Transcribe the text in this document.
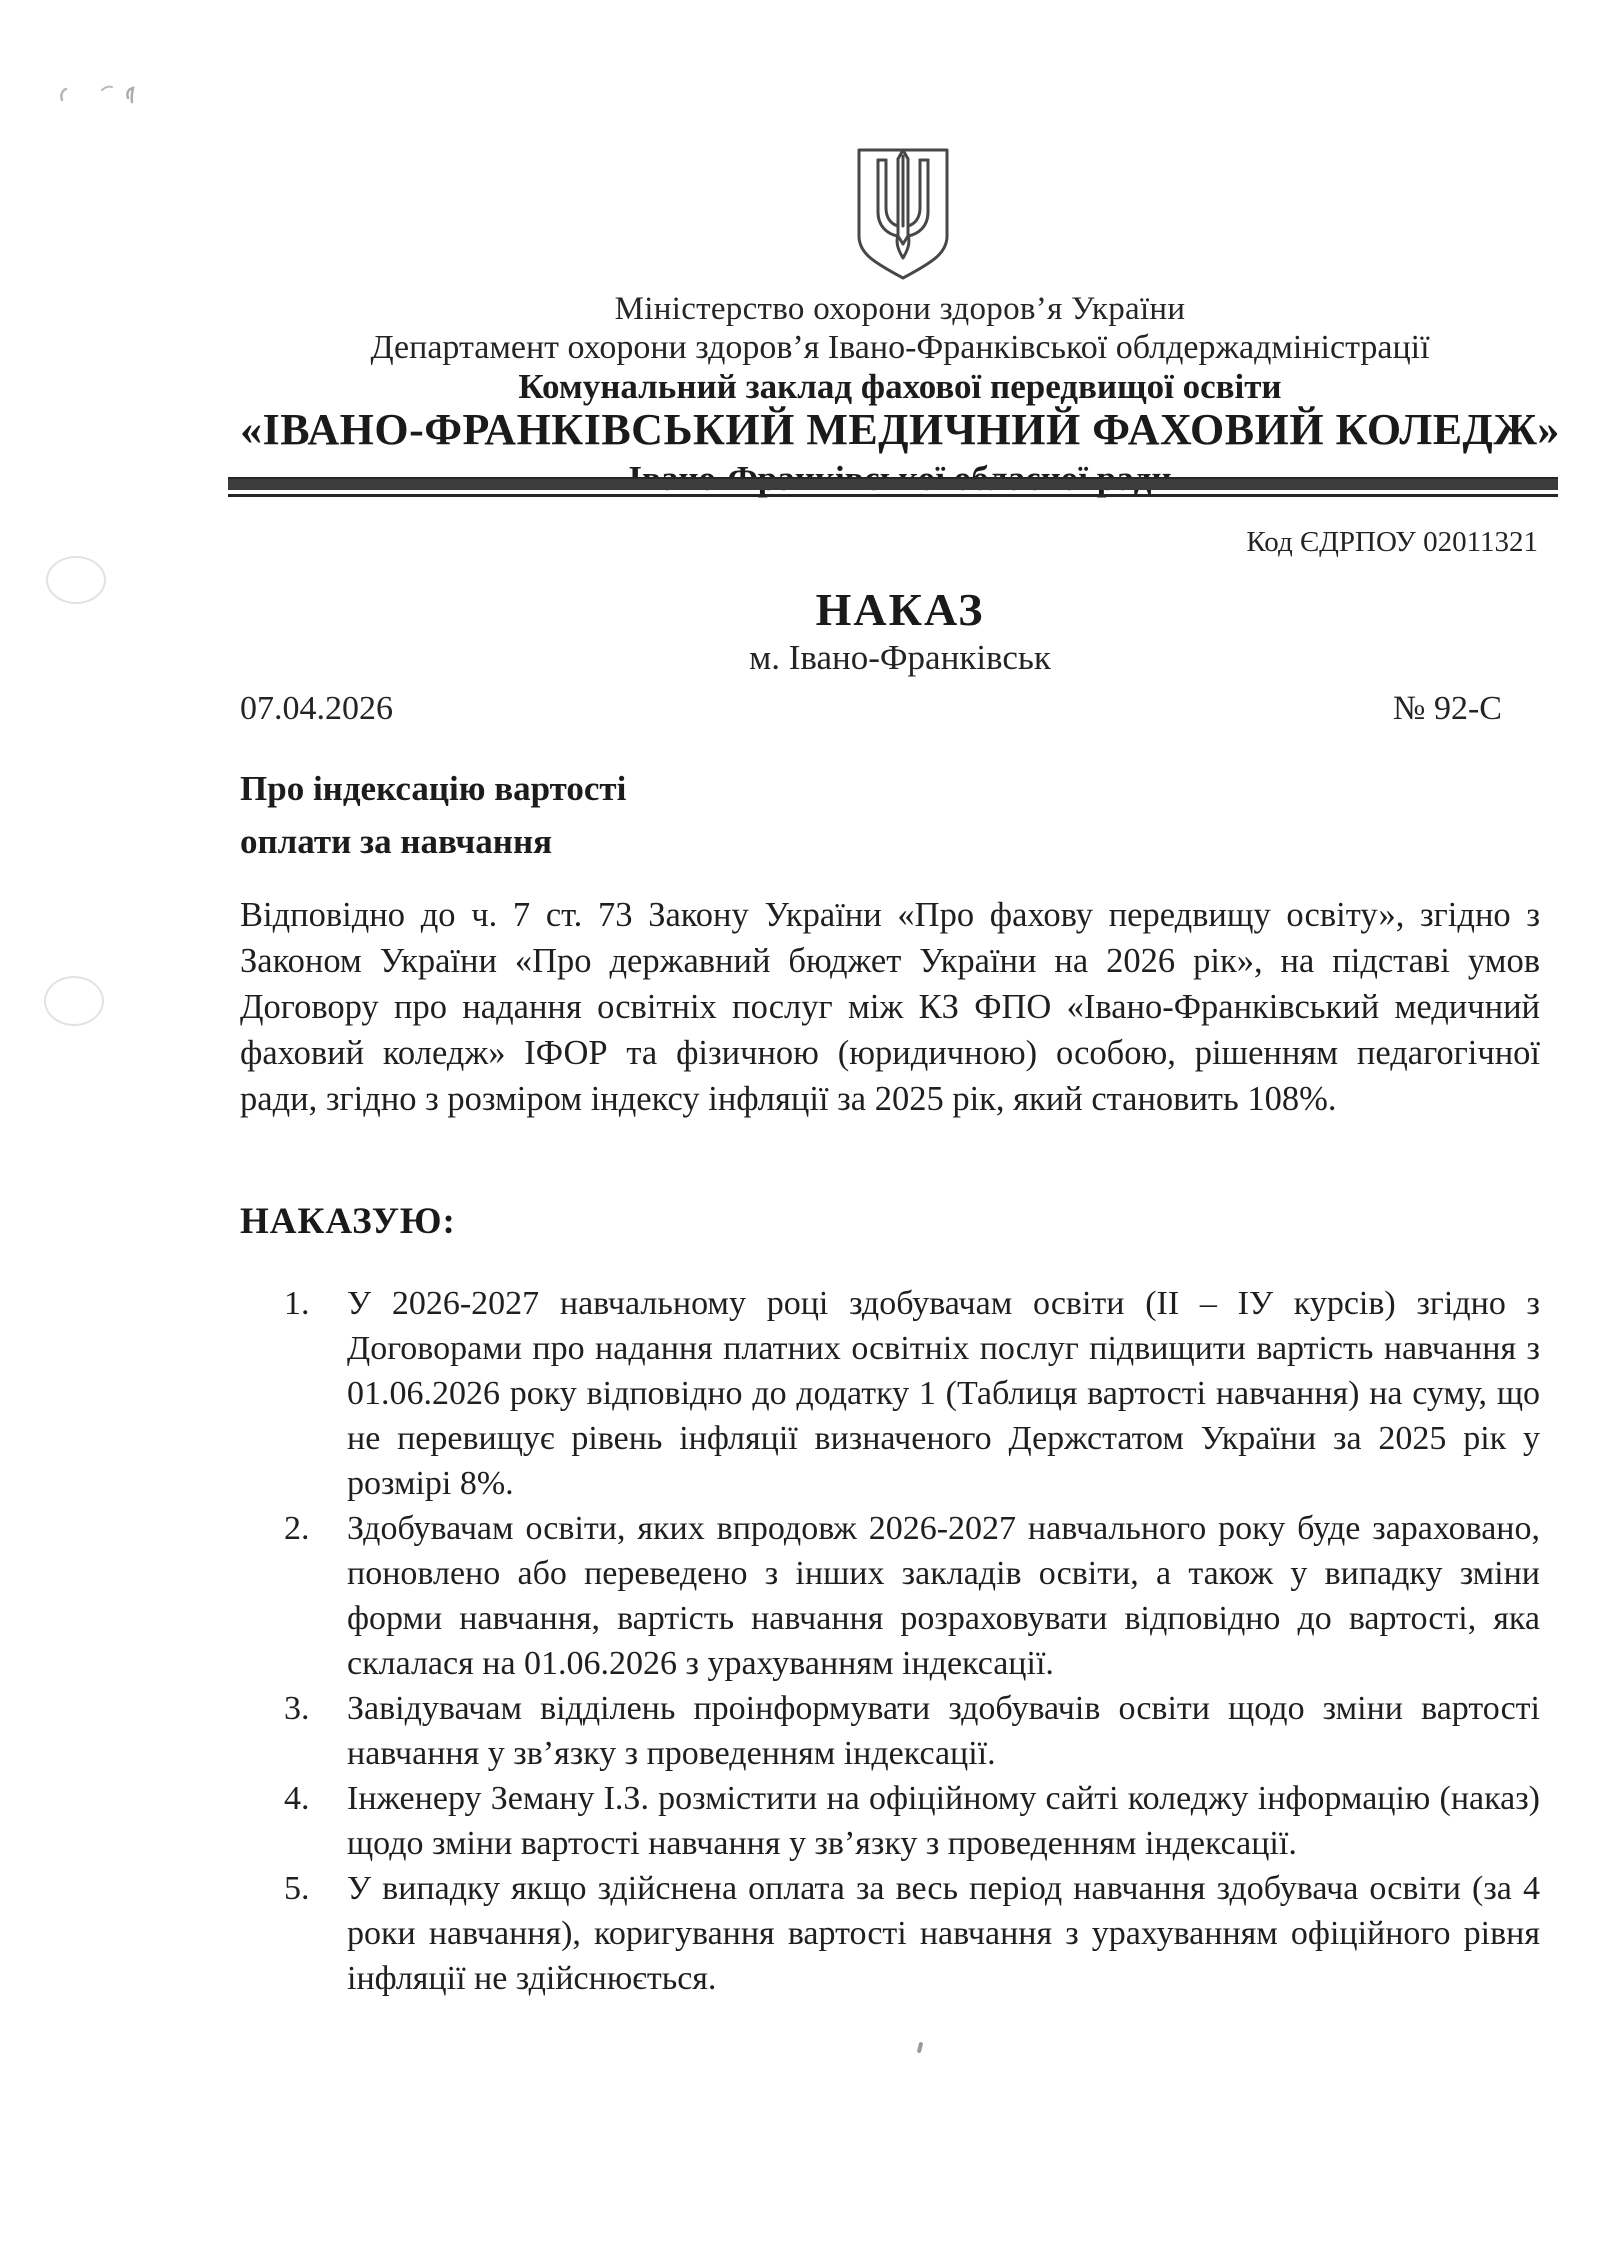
Міністерство охорони здоров’я України
Департамент охорони здоров’я Івано-Франківської облдержадміністрації
Комунальний заклад фахової передвищої освіти
«ІВАНО-ФРАНКІВСЬКИЙ МЕДИЧНИЙ ФАХОВИЙ КОЛЕДЖ»
Код ЄДРПОУ 02011321
НАКАЗ
м. Івано-Франківськ
07.04.2026	№ 92-С
Про індексацію вартості
оплати за навчання
Відповідно до ч. 7 ст. 73 Закону України «Про фахову передвищу освіту», згідно з Законом України «Про державний бюджет України на 2026 рік», на підставі умов Договору про надання освітніх послуг між КЗ ФПО «Івано-Франківський медичний фаховий коледж» ІФОР та фізичною (юридичною) особою, рішенням педагогічної ради, згідно з розміром індексу інфляції за 2025 рік, який становить 108%.
НАКАЗУЮ:
1.	У 2026-2027 навчальному році здобувачам освіти (ІІ – ІУ курсів) згідно з Договорами про надання платних освітніх послуг підвищити вартість навчання з 01.06.2026 року відповідно до додатку 1 (Таблиця вартості навчання) на суму, що не перевищує рівень інфляції визначеного Держстатом України за 2025 рік у розмірі 8%.
2.	Здобувачам освіти, яких впродовж 2026-2027 навчального року буде зараховано, поновлено або переведено з інших закладів освіти, а також у випадку зміни форми навчання, вартість навчання розраховувати відповідно до вартості, яка склалася на 01.06.2026 з урахуванням індексації.
3.	Завідувачам відділень проінформувати здобувачів освіти щодо зміни вартості навчання у зв’язку з проведенням індексації.
4.	Інженеру Земану І.З. розмістити на офіційному сайті коледжу інформацію (наказ) щодо зміни вартості навчання у зв’язку з проведенням індексації.
5.	У випадку якщо здійснена оплата за весь період навчання здобувача освіти (за 4 роки навчання), коригування вартості навчання з урахуванням офіційного рівня інфляції не здійснюється.
